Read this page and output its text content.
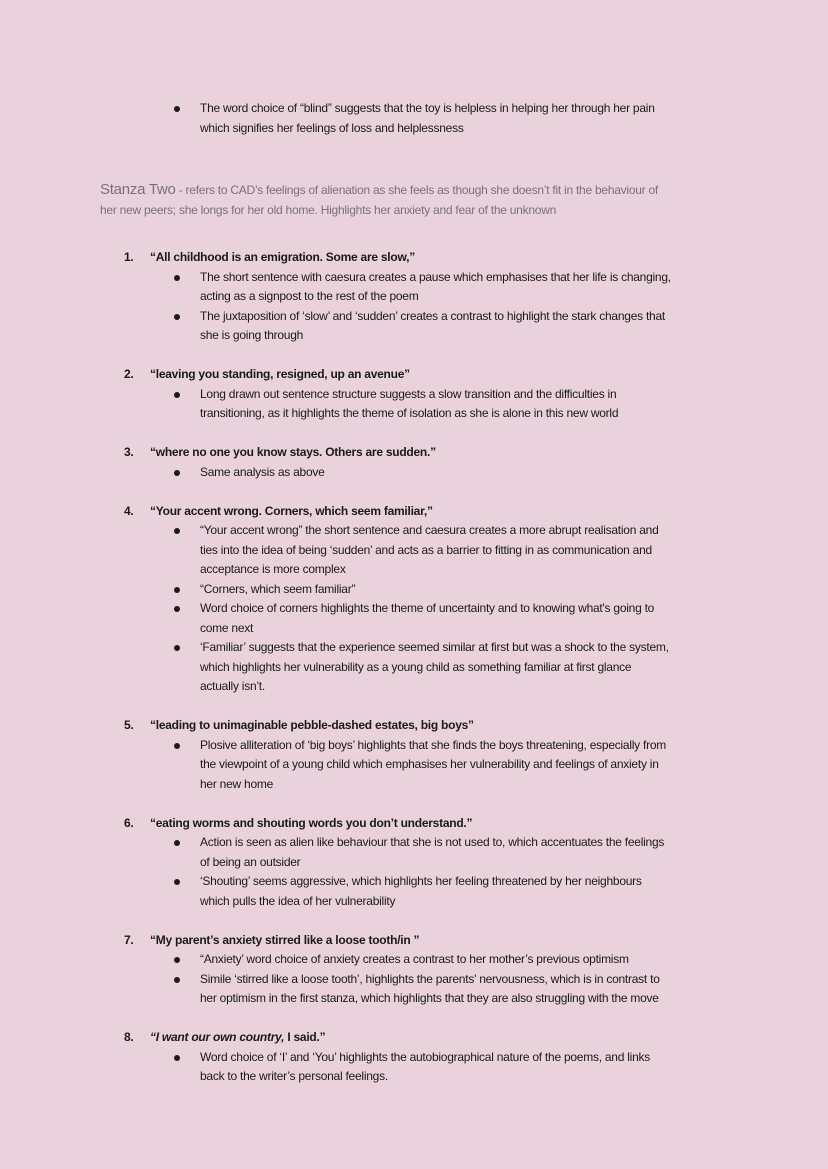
The word choice of “blind” suggests that the toy is helpless in helping her through her pain
which signifies her feelings of loss and helplessness
Stanza Two - refers to CAD’s feelings of alienation as she feels as though she doesn’t fit in the behaviour of
her new peers; she longs for her old home. Highlights her anxiety and fear of the unknown
1. “All childhood is an emigration. Some are slow,”
The short sentence with caesura creates a pause which emphasises that her life is changing,
acting as a signpost to the rest of the poem
The juxtaposition of ‘slow’ and ‘sudden’ creates a contrast to highlight the stark changes that
she is going through
2. “leaving you standing, resigned, up an avenue”
Long drawn out sentence structure suggests a slow transition and the difficulties in
transitioning, as it highlights the theme of isolation as she is alone in this new world
3. “where no one you know stays. Others are sudden.”
Same analysis as above
4. “Your accent wrong. Corners, which seem familiar,”
“Your accent wrong” the short sentence and caesura creates a more abrupt realisation and
ties into the idea of being ‘sudden’ and acts as a barrier to fitting in as communication and
acceptance is more complex
“Corners, which seem familiar”
Word choice of corners highlights the theme of uncertainty and to knowing what's going to
come next
‘Familiar’ suggests that the experience seemed similar at first but was a shock to the system,
which highlights her vulnerability as a young child as something familiar at first glance
actually isn’t.
5. “leading to unimaginable pebble-dashed estates, big boys”
Plosive alliteration of ‘big boys’ highlights that she finds the boys threatening, especially from
the viewpoint of a young child which emphasises her vulnerability and feelings of anxiety in
her new home
6. “eating worms and shouting words you don’t understand.”
Action is seen as alien like behaviour that she is not used to, which accentuates the feelings
of being an outsider
‘Shouting’ seems aggressive, which highlights her feeling threatened by her neighbours
which pulls the idea of her vulnerability
7. “My parent’s anxiety stirred like a loose tooth/in ”
“Anxiety’ word choice of anxiety creates a contrast to her mother’s previous optimism
Simile ‘stirred like a loose tooth’, highlights the parents' nervousness, which is in contrast to
her optimism in the first stanza, which highlights that they are also struggling with the move
8. “I want our own country, I said.”
Word choice of ‘I’ and ‘You’ highlights the autobiographical nature of the poems, and links
back to the writer’s personal feelings.
